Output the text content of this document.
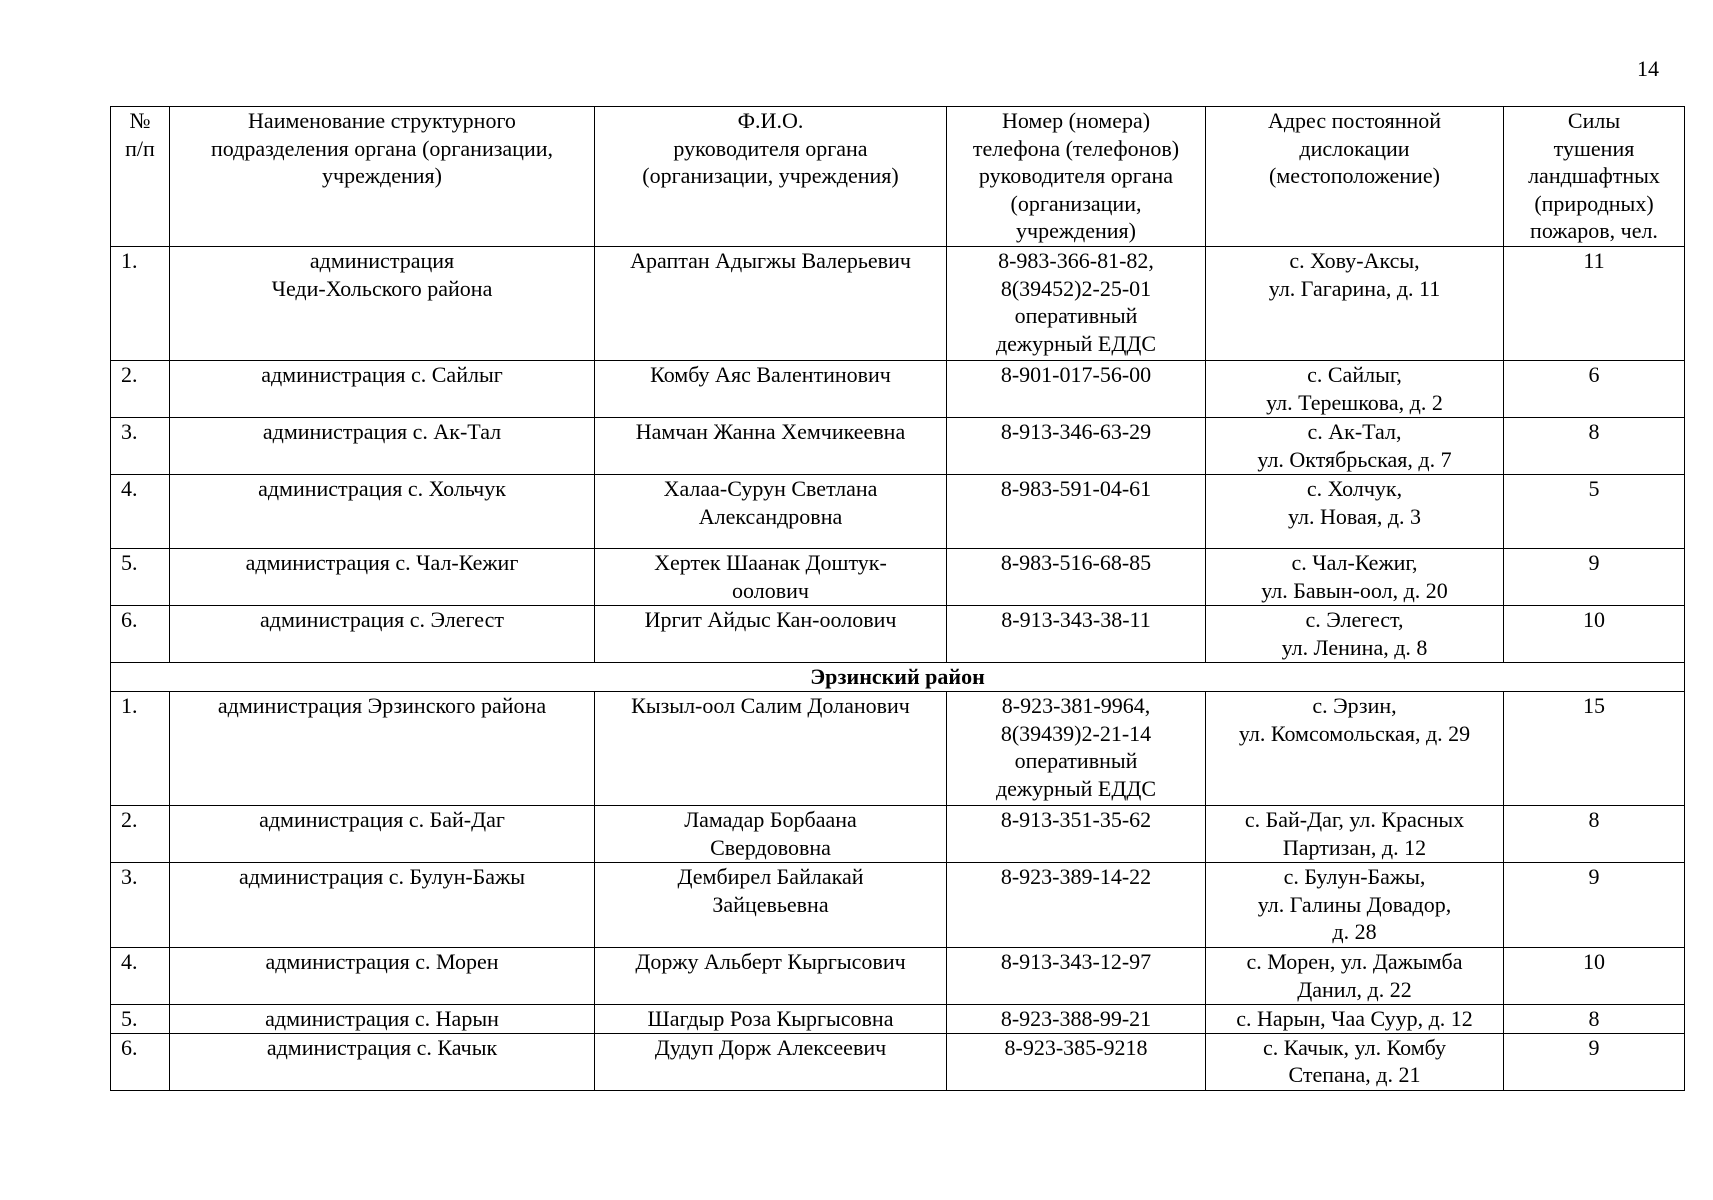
14
№
п/п	Наименование структурного
подразделения органа (организации,
учреждения)	Ф.И.О.
руководителя органа
(организации, учреждения)	Номер (номера)
телефона (телефонов)
руководителя органа
(организации,
учреждения)	Адрес постоянной
дислокации
(местоположение)	Силы
тушения
ландшафтных
(природных)
пожаров, чел.
1.	администрация
Чеди-Хольского района	Араптан Адыгжы Валерьевич	8-983-366-81-82,
8(39452)2-25-01
оперативный
дежурный ЕДДС	с. Хову-Аксы,
ул. Гагарина, д. 11	11
2.	администрация с. Сайлыг	Комбу Аяс Валентинович	8-901-017-56-00	с. Сайлыг,
ул. Терешкова, д. 2	6
3.	администрация с. Ак-Тал	Намчан Жанна Хемчикеевна	8-913-346-63-29	с. Ак-Тал,
ул. Октябрьская, д. 7	8
4.	администрация с. Хольчук	Халаа-Сурун Светлана
Александровна	8-983-591-04-61	с. Холчук,
ул. Новая, д. 3	5
5.	администрация с. Чал-Кежиг	Хертек Шаанак Доштук-
оолович	8-983-516-68-85	с. Чал-Кежиг,
ул. Бавын-оол, д. 20	9
6.	администрация с. Элегест	Иргит Айдыс Кан-оолович	8-913-343-38-11	с. Элегест,
ул. Ленина, д. 8	10
Эрзинский район					
1.	администрация Эрзинского района	Кызыл-оол Салим Доланович	8-923-381-9964,
8(39439)2-21-14
оперативный
дежурный ЕДДС	с. Эрзин,
ул. Комсомольская, д. 29	15
2.	администрация с. Бай-Даг	Ламадар Борбаана
Свердововна	8-913-351-35-62	с. Бай-Даг, ул. Красных
Партизан, д. 12	8
3.	администрация с. Булун-Бажы	Дембирел Байлакай
Зайцевьевна	8-923-389-14-22	с. Булун-Бажы,
ул. Галины Довадор,
д. 28	9
4.	администрация с. Морен	Доржу Альберт Кыргысович	8-913-343-12-97	с. Морен, ул. Дажымба
Данил, д. 22	10
5.	администрация с. Нарын	Шагдыр Роза Кыргысовна	8-923-388-99-21	с. Нарын, Чаа Суур, д. 12	8
6.	администрация с. Качык	Дудуп Дорж Алексеевич	8-923-385-9218	с. Качык, ул. Комбу
Степана, д. 21	9
